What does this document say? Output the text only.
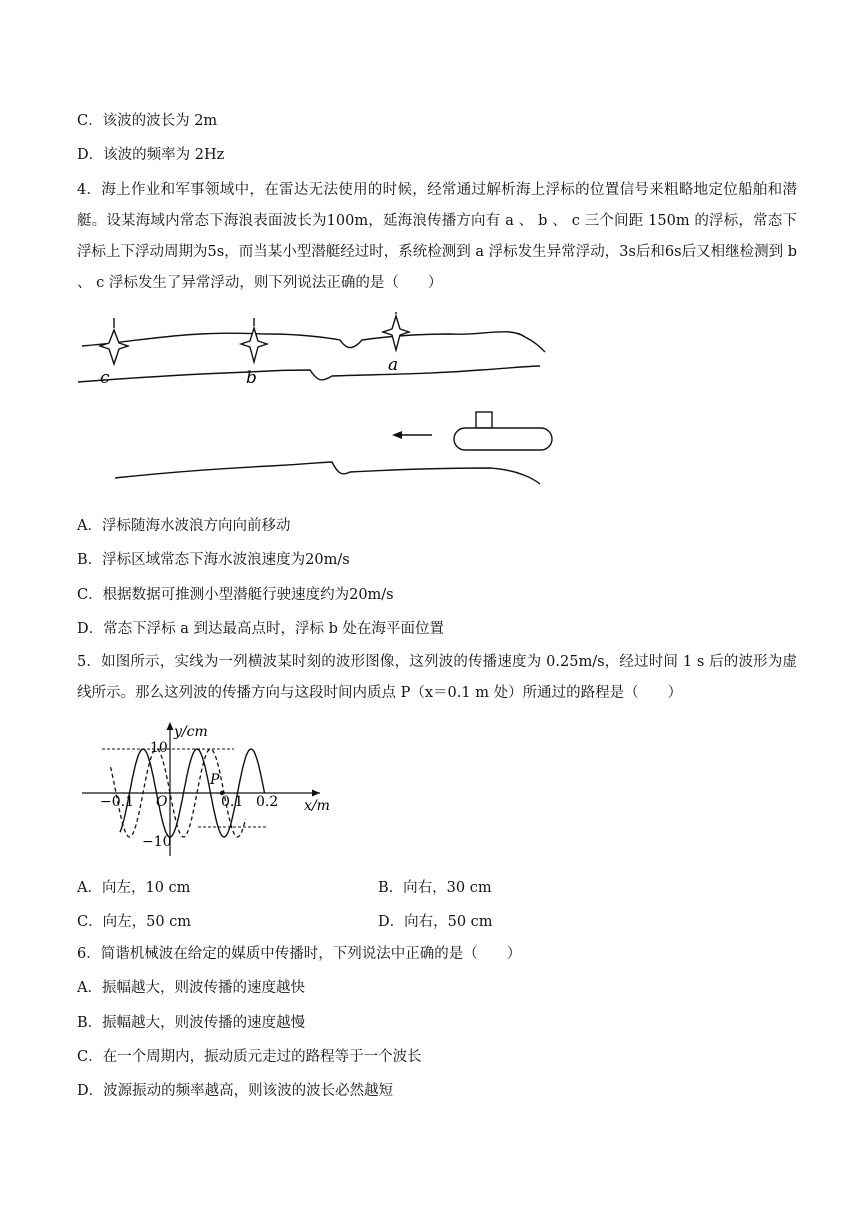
C．该波的波长为 2m
D．该波的频率为 2Hz
4．海上作业和军事领域中，在雷达无法使用的时候，经常通过解析海上浮标的位置信号来粗略地定位船舶和潜艇。设某海域内常态下海浪表面波长为100m，延海浪传播方向有 a 、 b 、 c 三个间距 150m 的浮标，常态下浮标上下浮动周期为5s，而当某小型潜艇经过时，系统检测到 a 浮标发生异常浮动，3s后和6s后又相继检测到 b 、 c 浮标发生了异常浮动，则下列说法正确的是（　　）
c	b
a
A．浮标随海水波浪方向向前移动
B．浮标区域常态下海水波浪速度为20m/s
C．根据数据可推测小型潜艇行驶速度约为20m/s
D．常态下浮标 a 到达最高点时，浮标 b 处在海平面位置
5．如图所示，实线为一列横波某时刻的波形图像，这列波的传播速度为 0.25m/s，经过时间 1 s 后的波形为虚线所示。那么这列波的传播方向与这段时间内质点 P（x＝0.1 m 处）所通过的路程是（　　）
y/cm
x/m
10
−10
O
−0.1	0.1 0.2
P
A．向左，10 cm	B．向右，30 cm
C．向左，50 cm	D．向右，50 cm
6．简谐机械波在给定的媒质中传播时，下列说法中正确的是（　　）
A．振幅越大，则波传播的速度越快
B．振幅越大，则波传播的速度越慢
C．在一个周期内，振动质元走过的路程等于一个波长
D．波源振动的频率越高，则该波的波长必然越短
